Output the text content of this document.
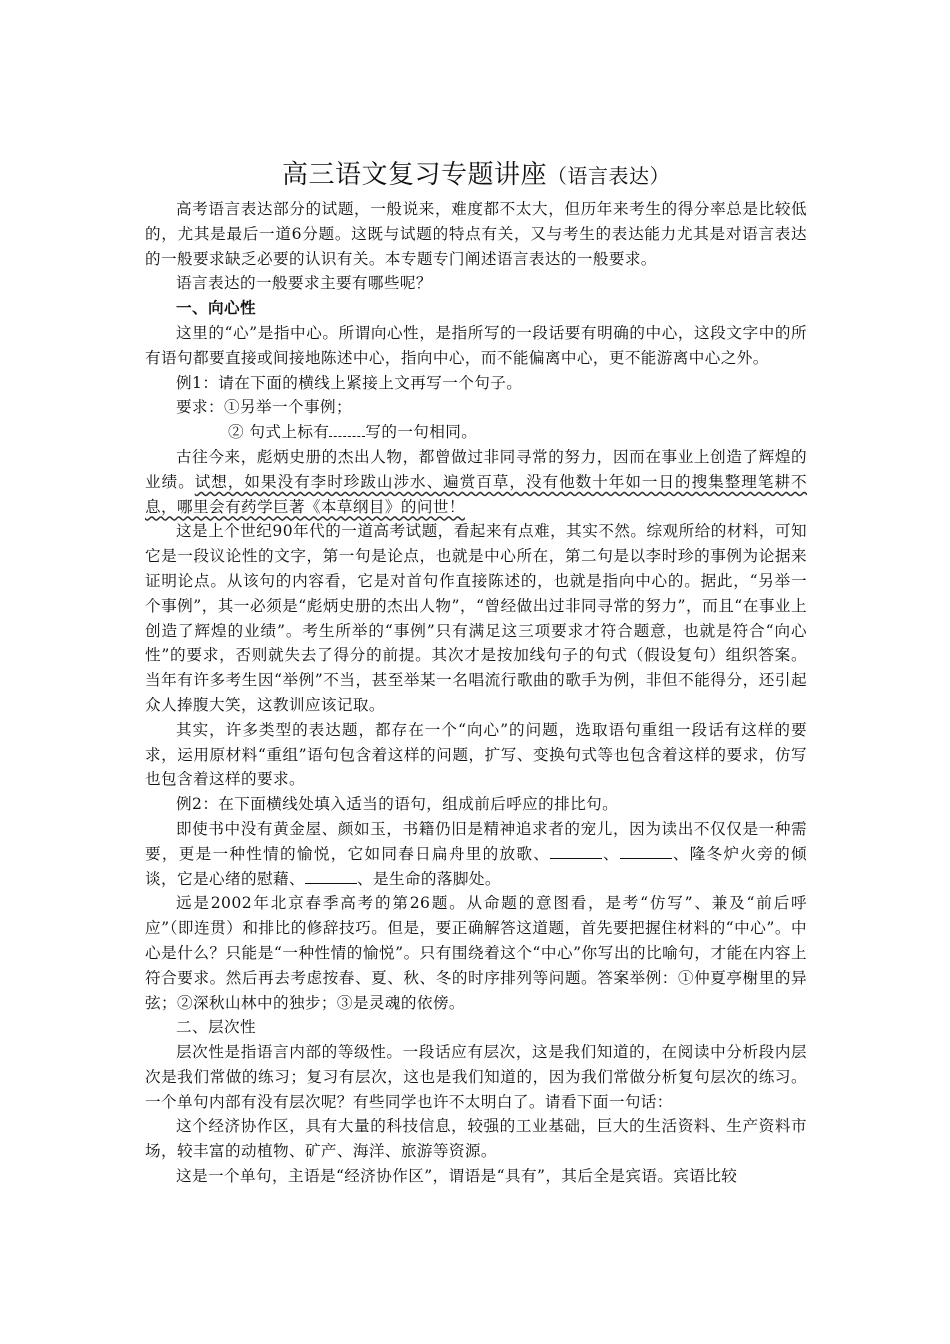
高三语文复习专题讲座（语言表达）

高考语言表达部分的试题，一般说来，难度都不太大，但历年来考生的得分率总是比较低的，尤其是最后一道6分题。这既与试题的特点有关，又与考生的表达能力尤其是对语言表达的一般要求缺乏必要的认识有关。本专题专门阐述语言表达的一般要求。

语言表达的一般要求主要有哪些呢？

一、向心性

这里的“心”是指中心。所谓向心性，是指所写的一段话要有明确的中心，这段文字中的所有语句都要直接或间接地陈述中心，指向中心，而不能偏离中心，更不能游离中心之外。

例1：请在下面的横线上紧接上文再写一个句子。

要求：①另举一个事例；

② 句式上标有 写的一句相同。

古往今来，彪炳史册的杰出人物，都曾做过非同寻常的努力，因而在事业上创造了辉煌的业绩。试想，如果没有李时珍跋山涉水、遍赏百草，没有他数十年如一日的搜集整理笔耕不息，哪里会有药学巨著《本草纲目》的问世！

这是上个世纪90年代的一道高考试题，看起来有点难，其实不然。综观所给的材料，可知它是一段议论性的文字，第一句是论点，也就是中心所在，第二句是以李时珍的事例为论据来证明论点。从该句的内容看，它是对首句作直接陈述的，也就是指向中心的。据此，“另举一个事例”，其一必须是“彪炳史册的杰出人物”，“曾经做出过非同寻常的努力”，而且“在事业上创造了辉煌的业绩”。考生所举的“事例”只有满足这三项要求才符合题意，也就是符合“向心性”的要求，否则就失去了得分的前提。其次才是按加线句子的句式（假设复句）组织答案。当年有许多考生因“举例”不当，甚至举某一名唱流行歌曲的歌手为例，非但不能得分，还引起众人捧腹大笑，这教训应该记取。

其实，许多类型的表达题，都存在一个“向心”的问题，选取语句重组一段话有这样的要求，运用原材料“重组”语句包含着这样的问题，扩写、变换句式等也包含着这样的要求，仿写也包含着这样的要求。

例2：在下面横线处填入适当的语句，组成前后呼应的排比句。

即使书中没有黄金屋、颜如玉，书籍仍旧是精神追求者的宠儿，因为读出不仅仅是一种需要，更是一种性情的愉悦，它如同春日扁舟里的放歌、	、	、隆冬炉火旁的倾谈，它是心绪的慰藉、	、是生命的落脚处。

远是2002年北京春季高考的第26题。从命题的意图看，是考“仿写”、兼及“前后呼应”（即连贯）和排比的修辞技巧。但是，要正确解答这道题，首先要把握住材料的“中心”。中心是什么？只能是“一种性情的愉悦”。只有围绕着这个“中心”你写出的比喻句，才能在内容上符合要求。然后再去考虑按春、夏、秋、冬的时序排列等问题。答案举例：①仲夏亭榭里的异弦；②深秋山林中的独步；③是灵魂的依傍。

二、层次性

层次性是指语言内部的等级性。一段话应有层次，这是我们知道的，在阅读中分析段内层次是我们常做的练习；复习有层次，这也是我们知道的，因为我们常做分析复句层次的练习。一个单句内部有没有层次呢？有些同学也许不太明白了。请看下面一句话：

这个经济协作区，具有大量的科技信息，较强的工业基础，巨大的生活资料、生产资料市场，较丰富的动植物、矿产、海洋、旅游等资源。

这是一个单句，主语是“经济协作区”，谓语是“具有”，其后全是宾语。宾语比较
